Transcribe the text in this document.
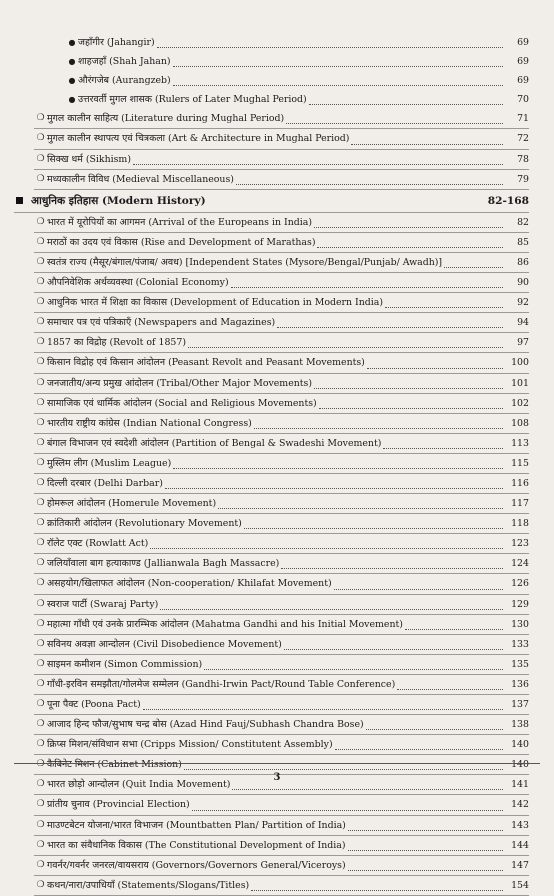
● जहाँगीर (Jahangir)	69
● शाहजहाँ (Shah Jahan)	69
● औरंगजेब (Aurangzeb)	69
● उत्तरवर्ती मुगल शासक (Rulers of Later Mughal Period)	70
❍ मुगल कालीन साहित्य (Literature during Mughal Period)	71
❍ मुगल कालीन स्थापत्य एवं चित्रकला (Art & Architecture in Mughal Period)	72
❍ सिक्ख धर्म (Sikhism)	78
❍ मध्यकालीन विविध (Medieval Miscellaneous)	79
आधुनिक इतिहास (Modern History)	82-168
❍ भारत में यूरोपियों का आगमन (Arrival of the Europeans in India)	82
❍ मराठों का उदय एवं विकास (Rise and Development of Marathas)	85
❍ स्वतंत्र राज्य (मैसूर/बंगाल/पंजाब/ अवध) [Independent States (Mysore/Bengal/Punjab/ Awadh)]	86
❍ औपनिवेशिक अर्थव्यवस्था (Colonial Economy)	90
❍ आधुनिक भारत में शिक्षा का विकास (Development of Education in Modern India)	92
❍ समाचार पत्र एवं पत्रिकाएँ (Newspapers and Magazines)	94
❍ 1857 का विद्रोह (Revolt of 1857)	97
❍ किसान विद्रोह एवं किसान आंदोलन (Peasant Revolt and Peasant Movements)	100
❍ जनजातीय/अन्य प्रमुख आंदोलन (Tribal/Other Major Movements)	101
❍ सामाजिक एवं धार्मिक आंदोलन (Social and Religious Movements)	102
❍ भारतीय राष्ट्रीय कांग्रेस (Indian National Congress)	108
❍ बंगाल विभाजन एवं स्वदेशी आंदोलन (Partition of Bengal & Swadeshi Movement)	113
❍ मुस्लिम लीग (Muslim League)	115
❍ दिल्ली दरबार (Delhi Darbar)	116
❍ होमरूल आंदोलन (Homerule Movement)	117
❍ क्रांतिकारी आंदोलन (Revolutionary Movement)	118
❍ रॉलेट एक्ट (Rowlatt Act)	123
❍ जलियाँवाला बाग हत्याकाण्ड (Jallianwala Bagh Massacre)	124
❍ असहयोग/खिलाफत आंदोलन (Non-cooperation/ Khilafat Movement)	126
❍ स्वराज पार्टी (Swaraj Party)	129
❍ महात्मा गाँधी एवं उनके प्रारम्भिक आंदोलन (Mahatma Gandhi and his Initial Movement)	130
❍ सविनय अवज्ञा आन्दोलन (Civil Disobedience Movement)	133
❍ साइमन कमीशन (Simon Commission)	135
❍ गाँधी-इरविन समझौता/गोलमेज सम्मेलन (Gandhi-Irwin Pact/Round Table Conference)	136
❍ पूना पैक्ट (Poona Pact)	137
❍ आजाद हिन्द फौज/सुभाष चन्द्र बोस (Azad Hind Fauj/Subhash Chandra Bose)	138
❍ क्रिप्स मिशन/संविधान सभा (Cripps Mission/ Constitutent Assembly)	140
❍ कैबिनेट मिशन (Cabinet Mission)	140
❍ भारत छोड़ो आन्दोलन (Quit India Movement)	141
❍ प्रांतीय चुनाव (Provincial Election)	142
❍ माउण्टबेटन योजना/भारत विभाजन (Mountbatten Plan/ Partition of India)	143
❍ भारत का संवैधानिक विकास (The Constitutional Development of India)	144
❍ गवर्नर/गवर्नर जनरल/वायसराय (Governors/Governors General/Viceroys)	147
❍ कथन/नारा/उपाधियाँ (Statements/Slogans/Titles)	154
3
